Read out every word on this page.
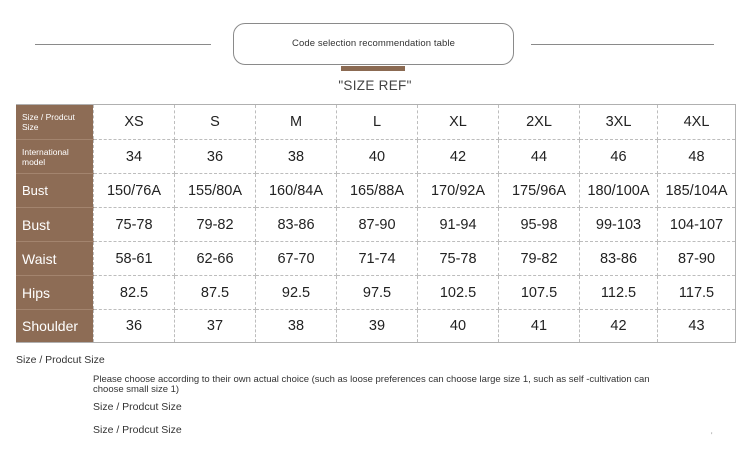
Code selection recommendation table
"SIZE REF"
Size / Prodcut Size	XS	S	M	L	XL	2XL	3XL	4XL
International model	34	36	38	40	42	44	46	48
Bust	150/76A	155/80A	160/84A	165/88A	170/92A	175/96A	180/100A	185/104A
Bust	75-78	79-82	83-86	87-90	91-94	95-98	99-103	104-107
Waist	58-61	62-66	67-70	71-74	75-78	79-82	83-86	87-90
Hips	82.5	87.5	92.5	97.5	102.5	107.5	112.5	117.5
Shoulder	36	37	38	39	40	41	42	43
Size / Prodcut Size
Please choose according to their own actual choice (such as loose preferences can choose large size 1, such as self -cultivation can choose small size 1)
Size / Prodcut Size
Size / Prodcut Size
ʼ
